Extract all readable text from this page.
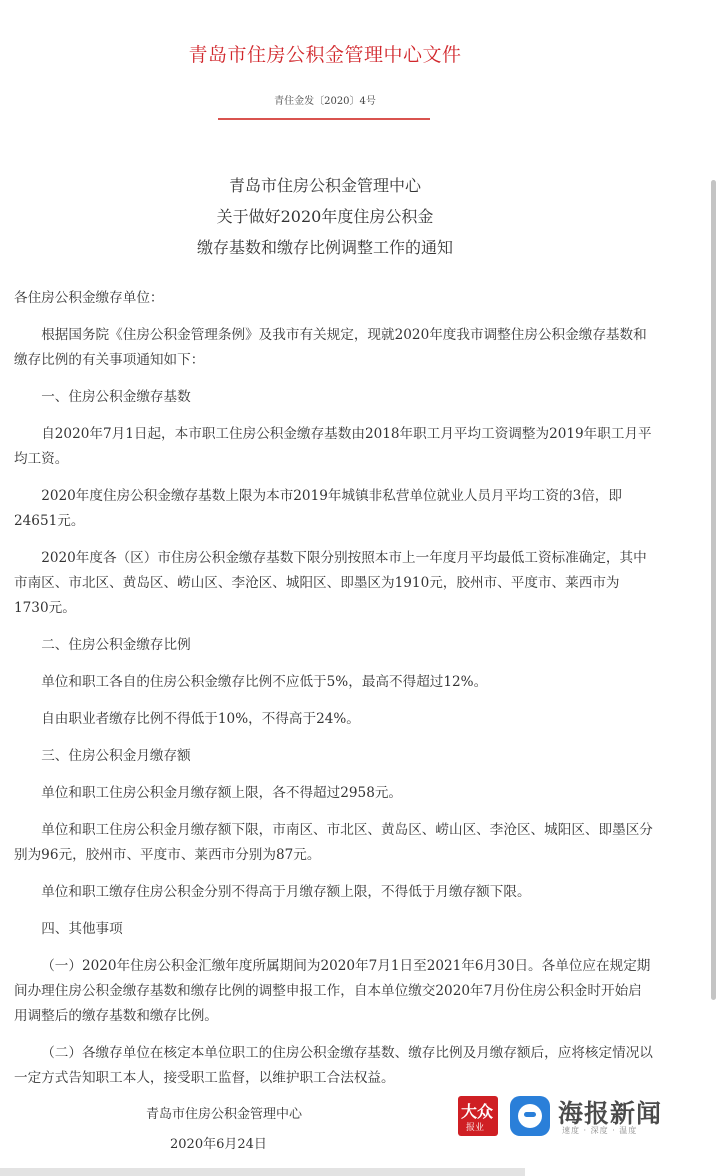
青岛市住房公积金管理中心文件
青住金发〔2020〕4号
青岛市住房公积金管理中心
关于做好2020年度住房公积金
缴存基数和缴存比例调整工作的通知

各住房公积金缴存单位：

根据国务院《住房公积金管理条例》及我市有关规定，现就2020年度我市调整住房公积金缴存基数和缴存比例的有关事项通知如下：

一、住房公积金缴存基数

自2020年7月1日起，本市职工住房公积金缴存基数由2018年职工月平均工资调整为2019年职工月平均工资。

2020年度住房公积金缴存基数上限为本市2019年城镇非私营单位就业人员月平均工资的3倍，即24651元。

2020年度各（区）市住房公积金缴存基数下限分别按照本市上一年度月平均最低工资标准确定，其中市南区、市北区、黄岛区、崂山区、李沧区、城阳区、即墨区为1910元，胶州市、平度市、莱西市为1730元。

二、住房公积金缴存比例

单位和职工各自的住房公积金缴存比例不应低于5%，最高不得超过12%。

自由职业者缴存比例不得低于10%，不得高于24%。

三、住房公积金月缴存额

单位和职工住房公积金月缴存额上限，各不得超过2958元。

单位和职工住房公积金月缴存额下限，市南区、市北区、黄岛区、崂山区、李沧区、城阳区、即墨区分别为96元，胶州市、平度市、莱西市分别为87元。

单位和职工缴存住房公积金分别不得高于月缴存额上限，不得低于月缴存额下限。

四、其他事项

（一）2020年住房公积金汇缴年度所属期间为2020年7月1日至2021年6月30日。各单位应在规定期间办理住房公积金缴存基数和缴存比例的调整申报工作，自本单位缴交2020年7月份住房公积金时开始启用调整后的缴存基数和缴存比例。

（二）各缴存单位在核定本单位职工的住房公积金缴存基数、缴存比例及月缴存额后，应将核定情况以一定方式告知职工本人，接受职工监督，以维护职工合法权益。

青岛市住房公积金管理中心
2020年6月24日
大众
报业	海报新闻
速度 · 深度 · 温度
